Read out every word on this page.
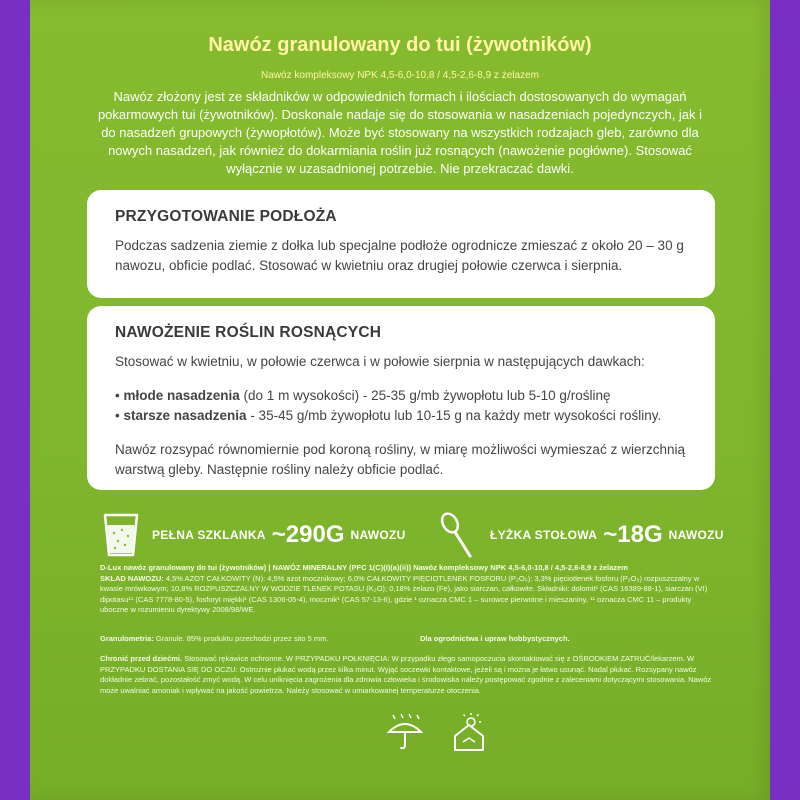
Nawóz granulowany do tui (żywotników)
Nawóz kompleksowy NPK 4,5-6,0-10,8 / 4,5-2,6-8,9 z żelazem
Nawóz złożony jest ze składników w odpowiednich formach i ilościach dostosowanych do wymagań pokarmowych tui (żywotników). Doskonale nadaje się do stosowania w nasadzeniach pojedynczych, jak i do nasadzeń grupowych (żywopłotów). Może być stosowany na wszystkich rodzajach gleb, zarówno dla nowych nasadzeń, jak również do dokarmiania roślin już rosnących (nawożenie pogłówne). Stosować wyłącznie w uzasadnionej potrzebie. Nie przekraczać dawki.
PRZYGOTOWANIE PODŁOŻA

Podczas sadzenia ziemie z dołka lub specjalne podłoże ogrodnicze zmieszać z około 20 – 30 g nawozu, obficie podlać. Stosować w kwietniu oraz drugiej połowie czerwca i sierpnia.

NAWOŻENIE ROŚLIN ROSNĄCYCH

Stosować w kwietniu, w połowie czerwca i w połowie sierpnia w następujących dawkach:

• młode nasadzenia (do 1 m wysokości) - 25-35 g/mb żywopłotu lub 5-10 g/roślinę
• starsze nasadzenia - 35-45 g/mb żywopłotu lub 10-15 g na każdy metr wysokości rośliny.

Nawóz rozsypać równomiernie pod koroną rośliny, w miarę możliwości wymieszać z wierzchnią warstwą gleby. Następnie rośliny należy obficie podlać.

PEŁNA SZKLANKA ~290G NAWOZU	ŁYŻKA STOŁOWA ~18G NAWOZU
D-Lux nawóz granulowany do tui (żywotników) | NAWÓZ MINERALNY (PFC 1(C)(I)(a)(ii)) Nawóz kompleksowy NPK 4,5-6,0-10,8 / 4,5-2,6-8,9 z żelazem
SKŁAD NAWOZU: 4,5% AZOT CAŁKOWITY (N): 4,5% azot mocznikowy; 6,0% CAŁKOWITY PIĘCIOTLENEK FOSFORU (P₂O₅): 3,3% pięciotlenek fosforu (P₂O₅) rozpuszczalny w kwasie mrówkowym; 10,8% ROZPUSZCZALNY W WODZIE TLENEK POTASU (K₂O); 0,18% żelazo (Fe), jako siarczan, całkowite. Składniki: dolomit¹ (CAS 16389-88-1), siarczan (VI) dipotasu¹¹ (CAS 7778-80-5), fosforyt miękki¹ (CAS 1306-05-4), mocznik¹ (CAS 57-13-6), gdzie ¹ oznacza CMC 1 – surowce pierwotne i mieszaniny, ¹¹ oznacza CMC 11 – produkty uboczne w rozumieniu dyrektywy 2008/98/WE.
Granulometria: Granule. 85% produktu przechodzi przez sito 5 mm.	Dla ogrodnictwa i upraw hobbystycznych.
Chronić przed dziećmi. Stosować rękawice ochronne. W PRZYPADKU POŁKNIĘCIA: W przypadku złego samopoczucia skontaktować się z OŚRODKIEM ZATRUĆ/lekarzem. W PRZYPADKU DOSTANIA SIĘ DO OCZU: Ostrożnie płukać wodą przez kilka minut. Wyjąć soczewki kontaktowe, jeżeli są i można je łatwo usunąć. Nadal płukać. Rozsypany nawóz dokładnie zebrać, pozostałość zmyć wodą. W celu uniknięcia zagrożenia dla zdrowia człowieka i środowiska należy postępować zgodnie z zaleceniami dotyczącymi stosowania. Nawóz może uwalniać amoniak i wpływać na jakość powietrza. Należy stosować w umiarkowanej temperaturze otoczenia.
